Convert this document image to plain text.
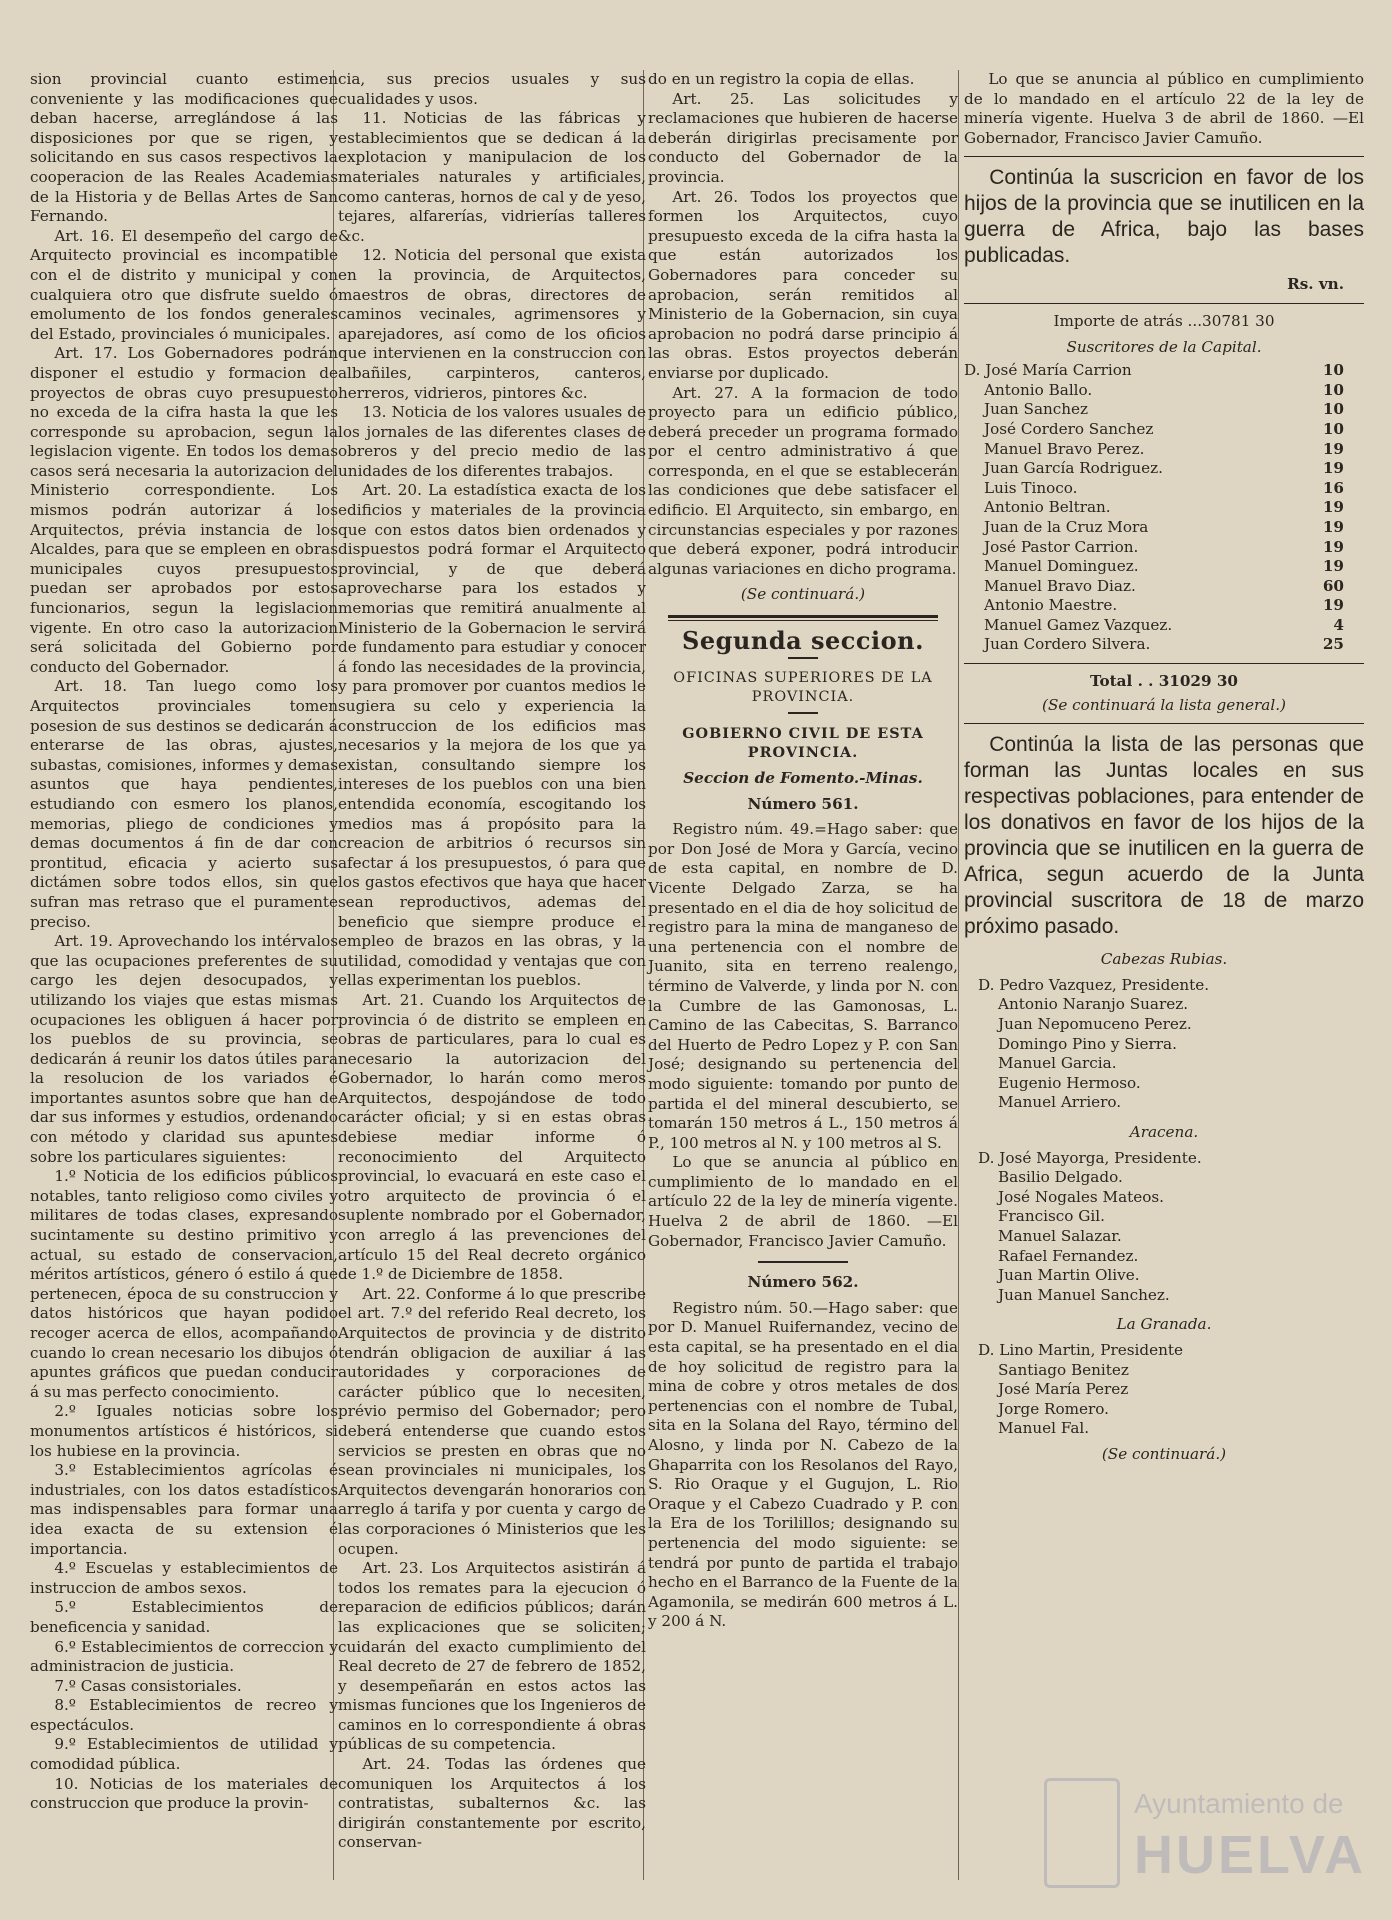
sion provincial cuanto estimen conveniente y las modificaciones que deban hacerse, arreglándose á las disposiciones por que se rigen, y solicitando en sus casos respectivos la cooperacion de las Reales Academias de la Historia y de Bellas Artes de San Fernando.

Art. 16. El desempeño del cargo de Arquitecto provincial es incompatible con el de distrito y municipal y con cualquiera otro que disfrute sueldo ó emolumento de los fondos generales del Estado, provinciales ó municipales.

Art. 17. Los Gobernadores podrán disponer el estudio y formacion de proyectos de obras cuyo presupuesto no exceda de la cifra hasta la que les corresponde su aprobacion, segun la legislacion vigente. En todos los demas casos será necesaria la autorizacion del Ministerio correspondiente. Los mismos podrán autorizar á los Arquitectos, prévia instancia de los Alcaldes, para que se empleen en obras municipales cuyos presupuestos puedan ser aprobados por estos funcionarios, segun la legislacion vigente. En otro caso la autorizacion será solicitada del Gobierno por conducto del Gobernador.

Art. 18. Tan luego como los Arquitectos provinciales tomen posesion de sus destinos se dedicarán á enterarse de las obras, ajustes, subastas, comisiones, informes y demas asuntos que haya pendientes, estudiando con esmero los planos, memorias, pliego de condiciones y demas documentos á fin de dar con prontitud, eficacia y acierto sus dictámen sobre todos ellos, sin que sufran mas retraso que el puramente preciso.

Art. 19. Aprovechando los intérvalos que las ocupaciones preferentes de su cargo les dejen desocupados, y utilizando los viajes que estas mismas ocupaciones les obliguen á hacer por los pueblos de su provincia, se dedicarán á reunir los datos útiles para la resolucion de los variados é importantes asuntos sobre que han de dar sus informes y estudios, ordenando con método y claridad sus apuntes sobre los particulares siguientes:

1.º Noticia de los edificios públicos notables, tanto religioso como civiles y militares de todas clases, expresando sucintamente su destino primitivo y actual, su estado de conservacion, méritos artísticos, género ó estilo á que pertenecen, época de su construccion y datos históricos que hayan podido recoger acerca de ellos, acompañando cuando lo crean necesario los dibujos ó apuntes gráficos que puedan conducir á su mas perfecto conocimiento.

2.º Iguales noticias sobre los monumentos artísticos é históricos, si los hubiese en la provincia.

3.º Establecimientos agrícolas é industriales, con los datos estadísticos mas indispensables para formar una idea exacta de su extension é importancia.

4.º Escuelas y establecimientos de instruccion de ambos sexos.

5.º Establecimientos de beneficencia y sanidad.

6.º Establecimientos de correccion y administracion de justicia.

7.º Casas consistoriales.

8.º Establecimientos de recreo y espectáculos.

9.º Establecimientos de utilidad y comodidad pública.

10. Noticias de los materiales de construccion que produce la provin-

cia, sus precios usuales y sus cualidades y usos.

11. Noticias de las fábricas y establecimientos que se dedican á la explotacion y manipulacion de los materiales naturales y artificiales, como canteras, hornos de cal y de yeso, tejares, alfarerías, vidrierías talleres &c.

12. Noticia del personal que exista en la provincia, de Arquitectos, maestros de obras, directores de caminos vecinales, agrimensores y aparejadores, así como de los oficios que intervienen en la construccion con albañiles, carpinteros, canteros, herreros, vidrieros, pintores &c.

13. Noticia de los valores usuales de los jornales de las diferentes clases de obreros y del precio medio de las unidades de los diferentes trabajos.

Art. 20. La estadística exacta de los edificios y materiales de la provincia que con estos datos bien ordenados y dispuestos podrá formar el Arquitecto provincial, y de que deberá aprovecharse para los estados y memorias que remitirá anualmente al Ministerio de la Gobernacion le servirá de fundamento para estudiar y conocer á fondo las necesidades de la provincia, y para promover por cuantos medios le sugiera su celo y experiencia la construccion de los edificios mas necesarios y la mejora de los que ya existan, consultando siempre los intereses de los pueblos con una bien entendida economía, escogitando los medios mas á propósito para la creacion de arbitrios ó recursos sin afectar á los presupuestos, ó para que los gastos efectivos que haya que hacer sean reproductivos, ademas del beneficio que siempre produce el empleo de brazos en las obras, y la utilidad, comodidad y ventajas que con ellas experimentan los pueblos.

Art. 21. Cuando los Arquitectos de provincia ó de distrito se empleen en obras de particulares, para lo cual es necesario la autorizacion del Gobernador, lo harán como meros Arquitectos, despojándose de todo carácter oficial; y si en estas obras debiese mediar informe ó reconocimiento del Arquitecto provincial, lo evacuará en este caso el otro arquitecto de provincia ó el suplente nombrado por el Gobernador, con arreglo á las prevenciones del artículo 15 del Real decreto orgánico de 1.º de Diciembre de 1858.

Art. 22. Conforme á lo que prescribe el art. 7.º del referido Real decreto, los Arquitectos de provincia y de distrito tendrán obligacion de auxiliar á las autoridades y corporaciones de carácter público que lo necesiten, prévio permiso del Gobernador; pero deberá entenderse que cuando estos servicios se presten en obras que no sean provinciales ni municipales, los Arquitectos devengarán honorarios con arreglo á tarifa y por cuenta y cargo de las corporaciones ó Ministerios que les ocupen.

Art. 23. Los Arquitectos asistirán á todos los remates para la ejecucion ó reparacion de edificios públicos; darán las explicaciones que se soliciten; cuidarán del exacto cumplimiento del Real decreto de 27 de febrero de 1852, y desempeñarán en estos actos las mismas funciones que los Ingenieros de caminos en lo correspondiente á obras públicas de su competencia.

Art. 24. Todas las órdenes que comuniquen los Arquitectos á los contratistas, subalternos &c. las dirigirán constantemente por escrito, conservan-

do en un registro la copia de ellas.

Art. 25. Las solicitudes y reclamaciones que hubieren de hacerse deberán dirigirlas precisamente por conducto del Gobernador de la provincia.

Art. 26. Todos los proyectos que formen los Arquitectos, cuyo presupuesto exceda de la cifra hasta la que están autorizados los Gobernadores para conceder su aprobacion, serán remitidos al Ministerio de la Gobernacion, sin cuya aprobacion no podrá darse principio á las obras. Estos proyectos deberán enviarse por duplicado.

Art. 27. A la formacion de todo proyecto para un edificio público, deberá preceder un programa formado por el centro administrativo á que corresponda, en el que se establecerán las condiciones que debe satisfacer el edificio. El Arquitecto, sin embargo, en circunstancias especiales y por razones que deberá exponer, podrá introducir algunas variaciones en dicho programa.

(Se continuará.)

Segunda seccion.
OFICINAS SUPERIORES DE LA PROVINCIA.
GOBIERNO CIVIL DE ESTA PROVINCIA.

Seccion de Fomento.-Minas.

Número 561.

Registro núm. 49.=Hago saber: que por Don José de Mora y García, vecino de esta capital, en nombre de D. Vicente Delgado Zarza, se ha presentado en el dia de hoy solicitud de registro para la mina de manganeso de una pertenencia con el nombre de Juanito, sita en terreno realengo, término de Valverde, y linda por N. con la Cumbre de las Gamonosas, L. Camino de las Cabecitas, S. Barranco del Huerto de Pedro Lopez y P. con San José; designando su pertenencia del modo siguiente: tomando por punto de partida el del mineral descubierto, se tomarán 150 metros á L., 150 metros á P., 100 metros al N. y 100 metros al S.

Lo que se anuncia al público en cumplimiento de lo mandado en el artículo 22 de la ley de minería vigente. Huelva 2 de abril de 1860. —El Gobernador, Francisco Javier Camuño.

Número 562.

Registro núm. 50.—Hago saber: que por D. Manuel Ruifernandez, vecino de esta capital, se ha presentado en el dia de hoy solicitud de registro para la mina de cobre y otros metales de dos pertenencias con el nombre de Tubal, sita en la Solana del Rayo, término del Alosno, y linda por N. Cabezo de la Ghaparrita con los Resolanos del Rayo, S. Rio Oraque y el Gugujon, L. Rio Oraque y el Cabezo Cuadrado y P. con la Era de los Torilillos; designando su pertenencia del modo siguiente: se tendrá por punto de partida el trabajo hecho en el Barranco de la Fuente de la Agamonila, se medirán 600 metros á L. y 200 á N.

Lo que se anuncia al público en cumplimiento de lo mandado en el artículo 22 de la ley de minería vigente. Huelva 3 de abril de 1860. —El Gobernador, Francisco Javier Camuño.

Continúa la suscricion en favor de los hijos de la provincia que se inutilicen en la guerra de Africa, bajo las bases publicadas.

Rs. vn.

Importe de atrás ...30781 30

Suscritores de la Capital.

D. José María Carrion	10
Antonio Ballo.	10
Juan Sanchez	10
José Cordero Sanchez	10
Manuel Bravo Perez.	19
Juan García Rodriguez.	19
Luis Tinoco.	16
Antonio Beltran.	19
Juan de la Cruz Mora	19
José Pastor Carrion.	19
Manuel Dominguez.	19
Manuel Bravo Diaz.	60
Antonio Maestre.	19
Manuel Gamez Vazquez.	4
Juan Cordero Silvera.	25

Total . . 31029 30

(Se continuará la lista general.)

Continúa la lista de las personas que forman las Juntas locales en sus respectivas poblaciones, para entender de los donativos en favor de los hijos de la provincia que se inutilicen en la guerra de Africa, segun acuerdo de la Junta provincial suscritora de 18 de marzo próximo pasado.

Cabezas Rubias.

D. Pedro Vazquez, Presidente.
Antonio Naranjo Suarez.
Juan Nepomuceno Perez.
Domingo Pino y Sierra.
Manuel Garcia.
Eugenio Hermoso.
Manuel Arriero.

Aracena.

D. José Mayorga, Presidente.
Basilio Delgado.
José Nogales Mateos.
Francisco Gil.
Manuel Salazar.
Rafael Fernandez.
Juan Martin Olive.
Juan Manuel Sanchez.

La Granada.

D. Lino Martin, Presidente
Santiago Benitez
José María Perez
Jorge Romero.
Manuel Fal.

(Se continuará.)

Ayuntamiento de
HUELVA
